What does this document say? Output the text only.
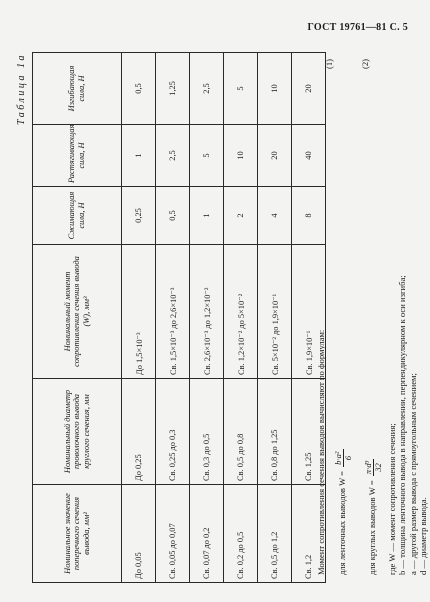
ГОСТ 19761—81 С. 5
Таблица 1а
Номинальное значение поперечного сечения вывода, мм²	Номинальный диаметр проволочного вывода круглого сечения, мм	Номинальный момент сопротивления сечения вывода (W), мм³	Сжимающая сила, Н	Растягивающая сила, Н	Изгибающая сила, Н
До 0,05	До 0,25	До 1,5×10⁻³	0,25	1	0,5
Св. 0,05 до 0,07	Св. 0,25 до 0,3	Св. 1,5×10⁻³ до 2,6×10⁻³	0,5	2,5	1,25
Св. 0,07 до 0,2	Св. 0,3 до 0,5	Св. 2,6×10⁻³ до 1,2×10⁻²	1	5	2,5
Св. 0,2 до 0,5	Св. 0,5 до 0,8	Св. 1,2×10⁻² до 5×10⁻²	2	10	5
Св. 0,5 до 1,2	Св. 0,8 до 1,25	Св. 5×10⁻² до 1,9×10⁻¹	4	20	10
Св. 1,2	Св. 1,25	Св. 1,9×10⁻¹	8	40	20
Момент сопротивления сечения выводов вычисляют по формулам:	для ленточных выводов W =
b·a² 6
(1)
для круглых выводов W =
π·d³ 32
(2)
где W — момент сопротивления сечения; b — толщина ленточного вывода в направлении, перпендикулярном к оси изгиба; a — другой размер вывода с прямоугольным сечением; d — диаметр вывода.
